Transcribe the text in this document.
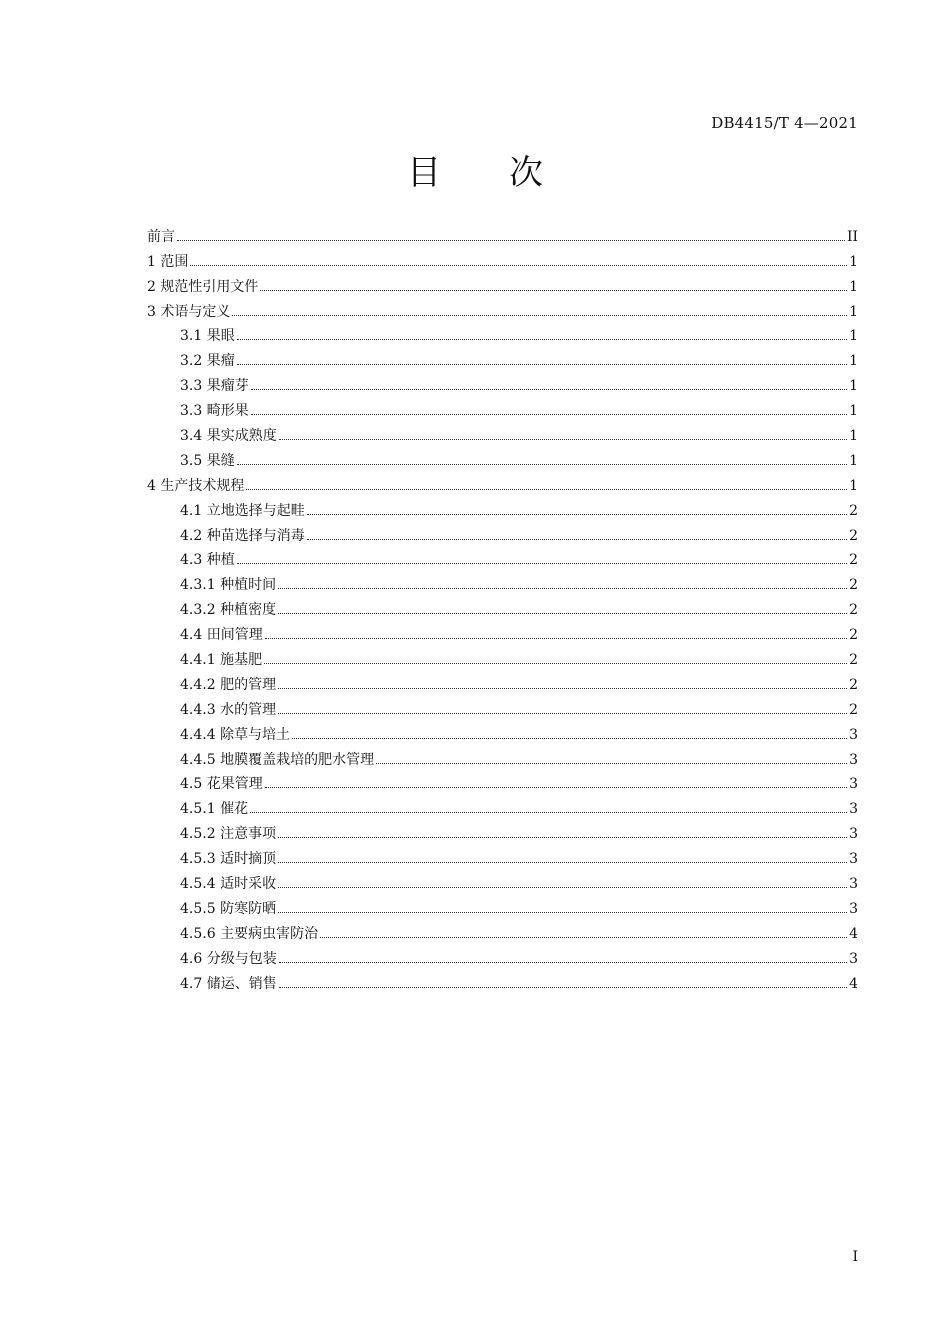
DB4415/T 4—2021
目次
前言	II
1 范围	1
2 规范性引用文件	1
3 术语与定义	1
3.1 果眼	1
3.2 果瘤	1
3.3 果瘤芽	1
3.3 畸形果	1
3.4 果实成熟度	1
3.5 果缝	1
4 生产技术规程	1
4.1 立地选择与起畦	2
4.2 种苗选择与消毒	2
4.3 种植	2
4.3.1 种植时间	2
4.3.2 种植密度	2
4.4 田间管理	2
4.4.1 施基肥	2
4.4.2 肥的管理	2
4.4.3 水的管理	2
4.4.4 除草与培土	3
4.4.5 地膜覆盖栽培的肥水管理	3
4.5 花果管理	3
4.5.1 催花	3
4.5.2 注意事项	3
4.5.3 适时摘顶	3
4.5.4 适时采收	3
4.5.5 防寒防晒	3
4.5.6 主要病虫害防治	4
4.6 分级与包装	3
4.7 储运、销售	4
I
